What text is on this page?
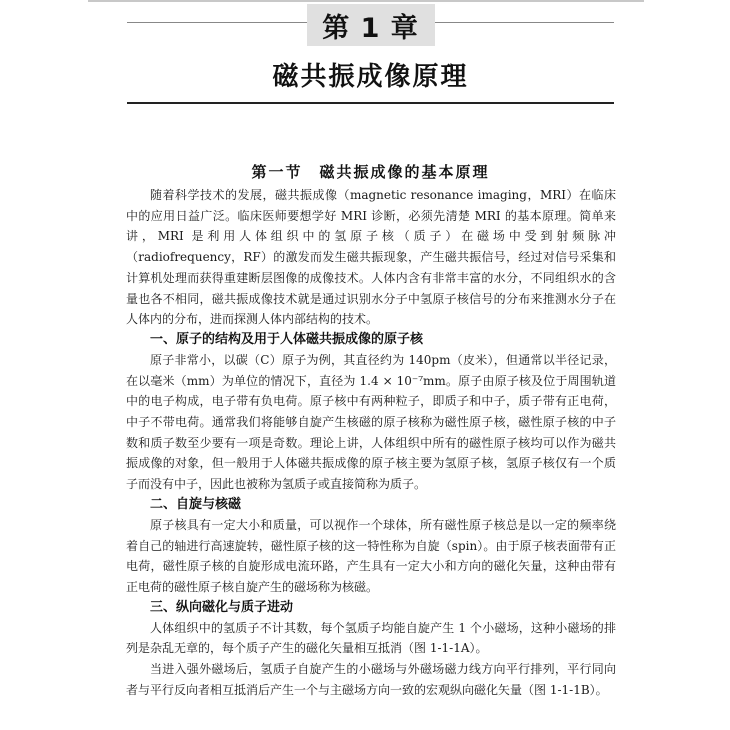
第 1 章
磁共振成像原理
第一节　磁共振成像的基本原理

随着科学技术的发展，磁共振成像（magnetic resonance imaging，MRI）在临床中的应用日益广泛。临床医师要想学好 MRI 诊断，必须先清楚 MRI 的基本原理。简单来讲，MRI 是利用人体组织中的氢原子核（质子）在磁场中受到射频脉冲（radiofrequency，RF）的激发而发生磁共振现象，产生磁共振信号，经过对信号采集和计算机处理而获得重建断层图像的成像技术。人体内含有非常丰富的水分，不同组织水的含量也各不相同，磁共振成像技术就是通过识别水分子中氢原子核信号的分布来推测水分子在人体内的分布，进而探测人体内部结构的技术。

一、原子的结构及用于人体磁共振成像的原子核

原子非常小，以碳（C）原子为例，其直径约为 140pm（皮米），但通常以半径记录，在以毫米（mm）为单位的情况下，直径为 1.4 × 10⁻⁷mm。原子由原子核及位于周围轨道中的电子构成，电子带有负电荷。原子核中有两种粒子，即质子和中子，质子带有正电荷，中子不带电荷。通常我们将能够自旋产生核磁的原子核称为磁性原子核，磁性原子核的中子数和质子数至少要有一项是奇数。理论上讲，人体组织中所有的磁性原子核均可以作为磁共振成像的对象，但一般用于人体磁共振成像的原子核主要为氢原子核，氢原子核仅有一个质子而没有中子，因此也被称为氢质子或直接简称为质子。

二、自旋与核磁

原子核具有一定大小和质量，可以视作一个球体，所有磁性原子核总是以一定的频率绕着自己的轴进行高速旋转，磁性原子核的这一特性称为自旋（spin）。由于原子核表面带有正电荷，磁性原子核的自旋形成电流环路，产生具有一定大小和方向的磁化矢量，这种由带有正电荷的磁性原子核自旋产生的磁场称为核磁。

三、纵向磁化与质子进动

人体组织中的氢质子不计其数，每个氢质子均能自旋产生 1 个小磁场，这种小磁场的排列是杂乱无章的，每个质子产生的磁化矢量相互抵消（图 1-1-1A）。

当进入强外磁场后，氢质子自旋产生的小磁场与外磁场磁力线方向平行排列，平行同向者与平行反向者相互抵消后产生一个与主磁场方向一致的宏观纵向磁化矢量（图 1-1-1B）。
